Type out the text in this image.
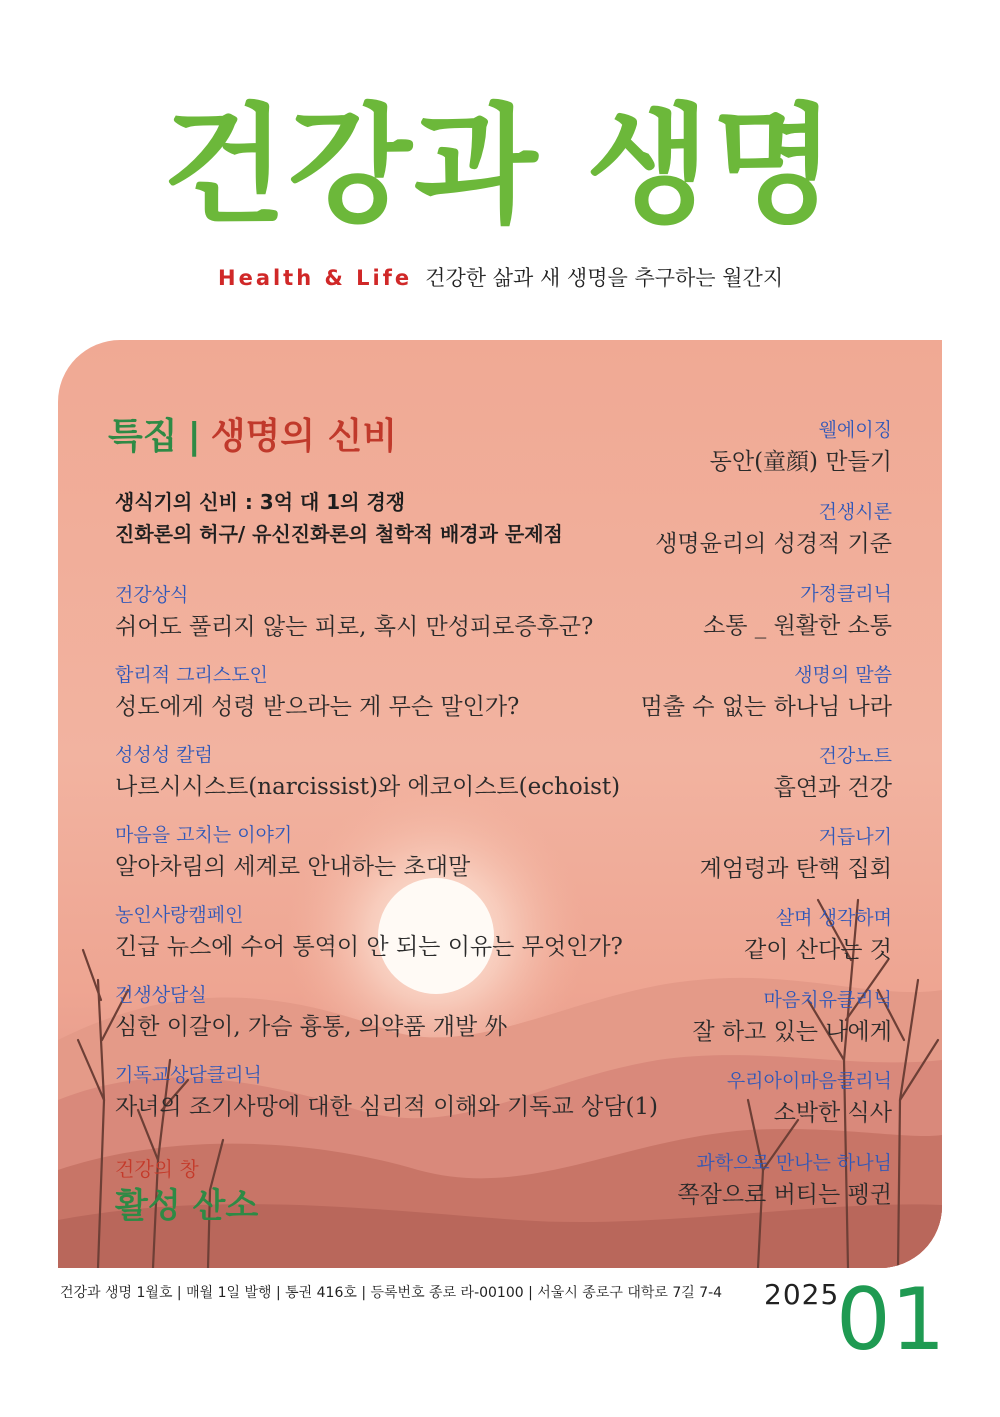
건강과 생명
Health & Life 건강한 삶과 새 생명을 추구하는 월간지
특집 | 생명의 신비
생식기의 신비 : 3억 대 1의 경쟁
진화론의 허구/ 유신진화론의 철학적 배경과 문제점
건강상식
쉬어도 풀리지 않는 피로, 혹시 만성피로증후군?
합리적 그리스도인
성도에게 성령 받으라는 게 무슨 말인가?
성성성 칼럼
나르시시스트(narcissist)와 에코이스트(echoist)
마음을 고치는 이야기
알아차림의 세계로 안내하는 초대말
농인사랑캠페인
긴급 뉴스에 수어 통역이 안 되는 이유는 무엇인가?
건생상담실
심한 이갈이, 가슴 흉통, 의약품 개발 外
기독교상담클리닉
자녀의 조기사망에 대한 심리적 이해와 기독교 상담(1)
건강의 창
활성 산소
웰에이징
동안(童顔) 만들기
건생시론
생명윤리의 성경적 기준
가정클리닉
소통 _ 원활한 소통
생명의 말씀
멈출 수 없는 하나님 나라
건강노트
흡연과 건강
거듭나기
계엄령과 탄핵 집회
살며 생각하며
같이 산다는 것
마음치유클리닉
잘 하고 있는 나에게
우리아이마음클리닉
소박한 식사
과학으로 만나는 하나님
쪽잠으로 버티는 펭귄
건강과 생명 1월호 | 매월 1일 발행 | 통권 416호 | 등록번호 종로 라-00100 | 서울시 종로구 대학로 7길 7-4 2025
01
